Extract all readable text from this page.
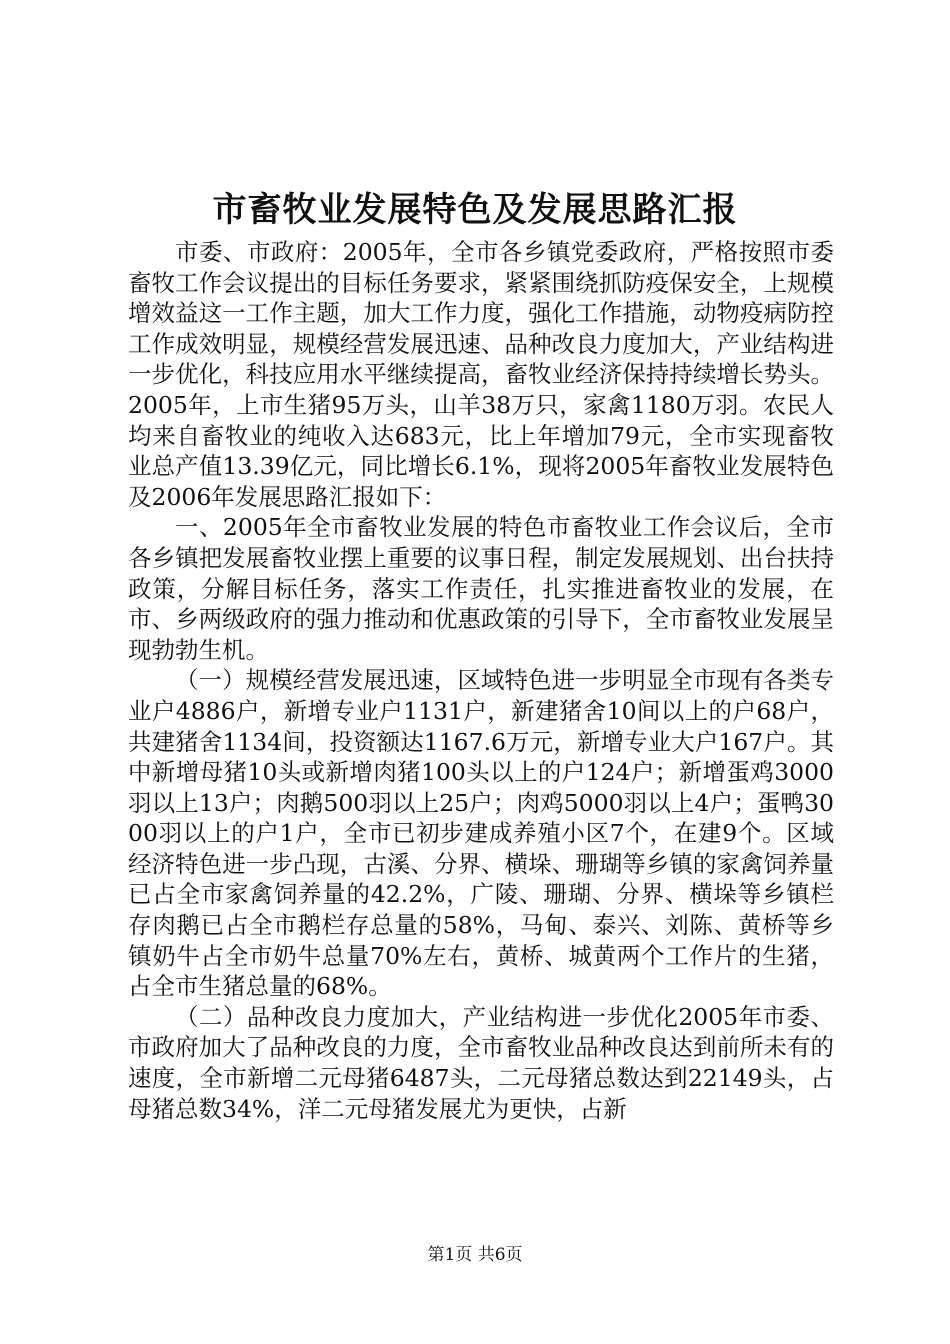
市畜牧业发展特色及发展思路汇报

市委、市政府：2005年，全市各乡镇党委政府，严格按照市委畜牧工作会议提出的目标任务要求，紧紧围绕抓防疫保安全，上规模增效益这一工作主题，加大工作力度，强化工作措施，动物疫病防控工作成效明显，规模经营发展迅速、品种改良力度加大，产业结构进一步优化，科技应用水平继续提高，畜牧业经济保持持续增长势头。2005年，上市生猪95万头，山羊38万只，家禽1180万羽。农民人均来自畜牧业的纯收入达683元，比上年增加79元，全市实现畜牧业总产值13.39亿元，同比增长6.1%，现将2005年畜牧业发展特色及2006年发展思路汇报如下：

一、2005年全市畜牧业发展的特色市畜牧业工作会议后，全市各乡镇把发展畜牧业摆上重要的议事日程，制定发展规划、出台扶持政策，分解目标任务，落实工作责任，扎实推进畜牧业的发展，在市、乡两级政府的强力推动和优惠政策的引导下，全市畜牧业发展呈现勃勃生机。

（一）规模经营发展迅速，区域特色进一步明显全市现有各类专业户4886户，新增专业户1131户，新建猪舍10间以上的户68户，共建猪舍1134间，投资额达1167.6万元，新增专业大户167户。其中新增母猪10头或新增肉猪100头以上的户124户；新增蛋鸡3000羽以上13户；肉鹅500羽以上25户；肉鸡5000羽以上4户；蛋鸭3000羽以上的户1户，全市已初步建成养殖小区7个，在建9个。区域经济特色进一步凸现，古溪、分界、横垛、珊瑚等乡镇的家禽饲养量已占全市家禽饲养量的42.2%，广陵、珊瑚、分界、横垛等乡镇栏存肉鹅已占全市鹅栏存总量的58%，马甸、泰兴、刘陈、黄桥等乡镇奶牛占全市奶牛总量70%左右，黄桥、城黄两个工作片的生猪，占全市生猪总量的68%。

（二）品种改良力度加大，产业结构进一步优化2005年市委、市政府加大了品种改良的力度，全市畜牧业品种改良达到前所未有的速度，全市新增二元母猪6487头，二元母猪总数达到22149头，占母猪总数34%，洋二元母猪发展尤为更快，占新

第1页 共6页
